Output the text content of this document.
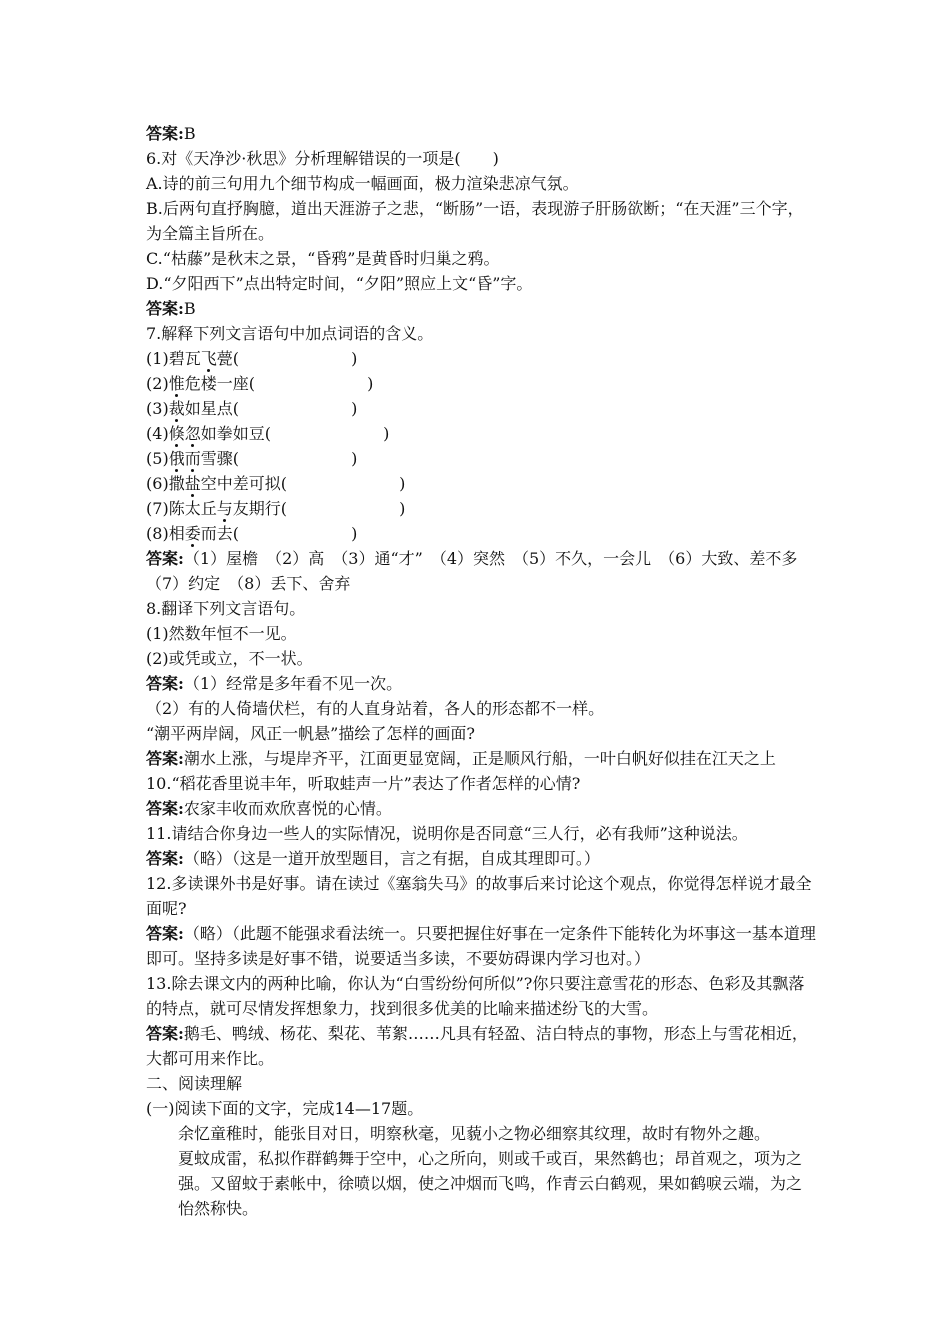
答案:B
6.对《天净沙·秋思》分析理解错误的一项是(　　)
A.诗的前三句用九个细节构成一幅画面，极力渲染悲凉气氛。
B.后两句直抒胸臆，道出天涯游子之悲，“断肠”一语，表现游子肝肠欲断；“在天涯”三个字，为全篇主旨所在。
C.“枯藤”是秋末之景，“昏鸦”是黄昏时归巢之鸦。
D.“夕阳西下”点出特定时间，“夕阳”照应上文“昏”字。
答案:B
7.解释下列文言语句中加点词语的含义。
(1)碧瓦飞甍(　　　　　　　	)
(2)惟危楼一座(　　　　　　　	)
(3)裁如星点(　　　　　　　	)
(4)倏忽如拳如豆(　　　　　　　	)
(5)俄而雪骤(　　　　　　　	)
(6)撒盐空中差可拟(　　　　　　　	)
(7)陈太丘与友期行(　　　　　　　	)
(8)相委而去(　　　　　　　	)
答案:（1）屋檐　（2）高　（3）通“才”　（4）突然　（5）不久，一会儿　（6）大致、差不多　（7）约定　（8）丢下、舍弃
8.翻译下列文言语句。
(1)然数年恒不一见。
(2)或凭或立，不一状。
答案:（1）经常是多年看不见一次。
（2）有的人倚墙伏栏，有的人直身站着，各人的形态都不一样。
“潮平两岸阔，风正一帆悬”描绘了怎样的画面?
答案:潮水上涨，与堤岸齐平，江面更显宽阔，正是顺风行船，一叶白帆好似挂在江天之上
10.“稻花香里说丰年，听取蛙声一片”表达了作者怎样的心情?
答案:农家丰收而欢欣喜悦的心情。
11.请结合你身边一些人的实际情况，说明你是否同意“三人行，必有我师”这种说法。
答案:（略）（这是一道开放型题目，言之有据，自成其理即可。）
12.多读课外书是好事。请在读过《塞翁失马》的故事后来讨论这个观点，你觉得怎样说才最全面呢?
答案:（略）（此题不能强求看法统一。只要把握住好事在一定条件下能转化为坏事这一基本道理即可。坚持多读是好事不错，说要适当多读，不要妨碍课内学习也对。）
13.除去课文内的两种比喻，你认为“白雪纷纷何所似”?你只要注意雪花的形态、色彩及其飘落的特点，就可尽情发挥想象力，找到很多优美的比喻来描述纷飞的大雪。
答案:鹅毛、鸭绒、杨花、梨花、苇絮……凡具有轻盈、洁白特点的事物，形态上与雪花相近，大都可用来作比。
二、阅读理解
(一)阅读下面的文字，完成14—17题。
余忆童稚时，能张目对日，明察秋毫，见藐小之物必细察其纹理，故时有物外之趣。
夏蚊成雷，私拟作群鹤舞于空中，心之所向，则或千或百，果然鹤也；昂首观之，项为之强。又留蚊于素帐中，徐喷以烟，使之冲烟而飞鸣，作青云白鹤观，果如鹤唳云端，为之怡然称快。
